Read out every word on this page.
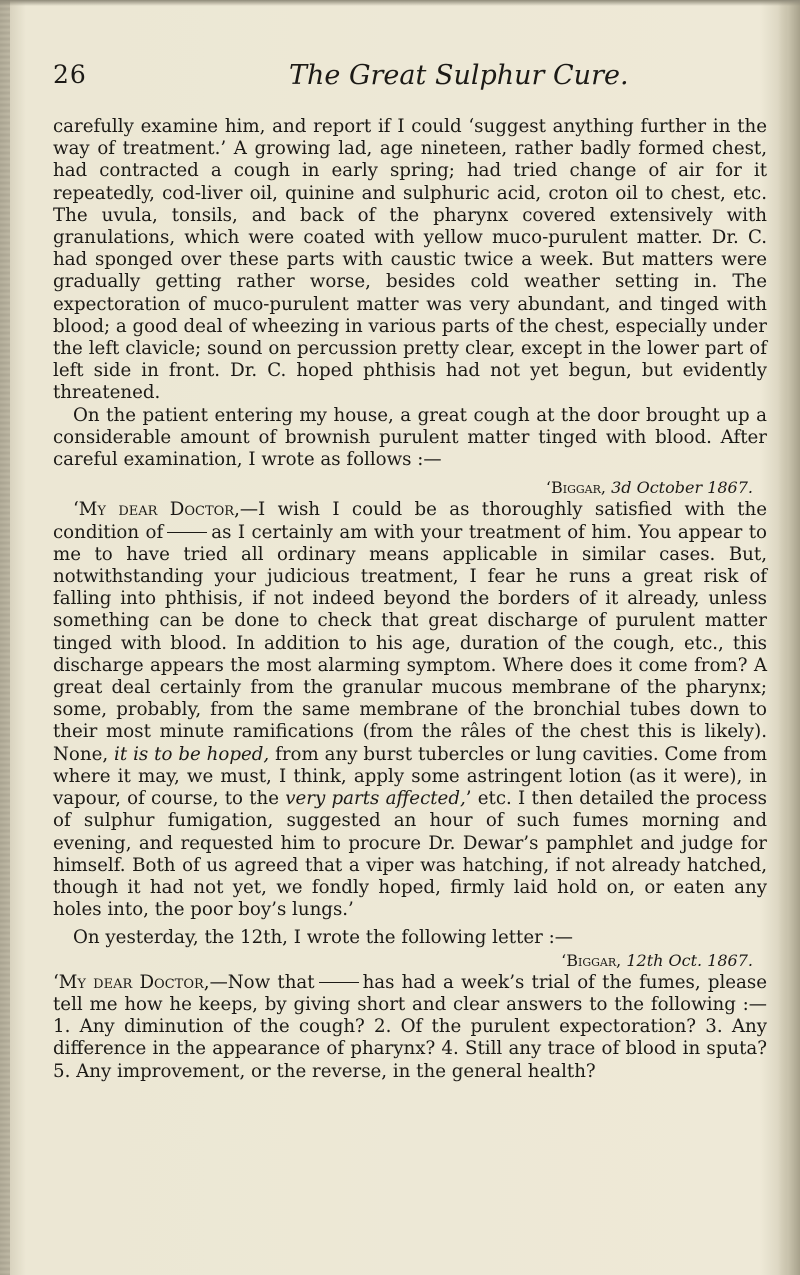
26	The Great Sulphur Cure.

carefully examine him, and report if I could ‘suggest anything further in the way of treatment.’ A growing lad, age nineteen, rather badly formed chest, had contracted a cough in early spring; had tried change of air for it repeatedly, cod-liver oil, quinine and sulphuric acid, croton oil to chest, etc. The uvula, tonsils, and back of the pharynx covered extensively with granulations, which were coated with yellow muco-purulent matter. Dr. C. had sponged over these parts with caustic twice a week. But matters were gradually getting rather worse, besides cold weather setting in. The expectoration of muco-purulent matter was very abundant, and tinged with blood; a good deal of wheezing in various parts of the chest, especially under the left clavicle; sound on percussion pretty clear, except in the lower part of left side in front. Dr. C. hoped phthisis had not yet begun, but evidently threatened.

On the patient entering my house, a great cough at the door brought up a considerable amount of brownish purulent matter tinged with blood. After careful examination, I wrote as follows :—

‘Biggar, 3d October 1867.

‘My dear Doctor,—I wish I could be as thoroughly satisfied with the condition of	as I certainly am with your treatment of him. You appear to me to have tried all ordinary means applicable in similar cases. But, notwithstanding your judicious treatment, I fear he runs a great risk of falling into phthisis, if not indeed beyond the borders of it already, unless something can be done to check that great discharge of purulent matter tinged with blood. In addition to his age, duration of the cough, etc., this discharge appears the most alarming symptom. Where does it come from? A great deal certainly from the granular mucous membrane of the pharynx; some, probably, from the same membrane of the bronchial tubes down to their most minute ramifications (from the râles of the chest this is likely). None, it is to be hoped, from any burst tubercles or lung cavities. Come from where it may, we must, I think, apply some astringent lotion (as it were), in vapour, of course, to the very parts affected,’ etc. I then detailed the process of sulphur fumigation, suggested an hour of such fumes morning and evening, and requested him to procure Dr. Dewar’s pamphlet and judge for himself. Both of us agreed that a viper was hatching, if not already hatched, though it had not yet, we fondly hoped, firmly laid hold on, or eaten any holes into, the poor boy’s lungs.’

On yesterday, the 12th, I wrote the following letter :—

‘Biggar, 12th Oct. 1867.

‘My dear Doctor,—Now that	has had a week’s trial of the fumes, please tell me how he keeps, by giving short and clear answers to the following :—1. Any diminution of the cough? 2. Of the purulent expectoration? 3. Any difference in the appearance of pharynx? 4. Still any trace of blood in sputa? 5. Any improvement, or the reverse, in the general health?
